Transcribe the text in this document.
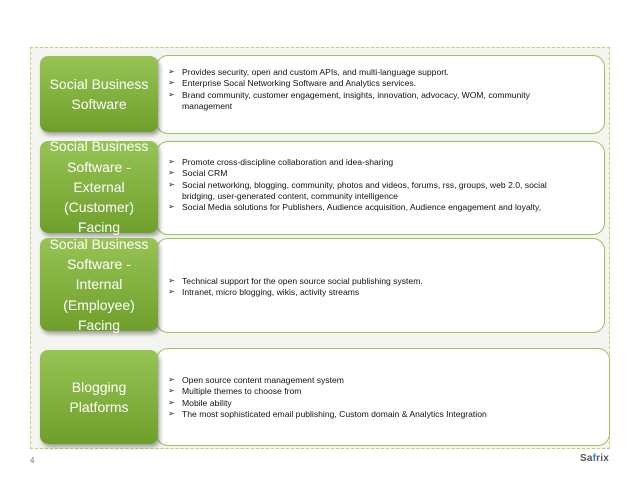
Social Business
Software
➢ Provides security, open and custom APIs, and multi-language support.
➢ Enterprise Socal Networking Software and Analytics services.
➢ Brand community, customer engagement, insights, innovation, advocacy, WOM, community management
Social Business
Software -
External
(Customer)
Facing
➢ Promote cross-discipline collaboration and idea-sharing
➢ Social CRM
➢ Social networking, blogging, community, photos and videos, forums, rss, groups, web 2.0, social bridging, user-generated content, community intelligence
➢ Social Media solutions for Publishers, Audience acquisition, Audience engagement and loyalty,
Social Business
Software -
Internal
(Employee)
Facing
➢ Technical support for the open source social publishing system.
➢ Intranet, micro blogging, wikis, activity streams
Blogging
Platforms
➢ Open source content management system
➢ Multiple themes to choose from
➢ Mobile ability
➢ The most sophisticated email publishing, Custom domain & Analytics Integration
4	Safrix
